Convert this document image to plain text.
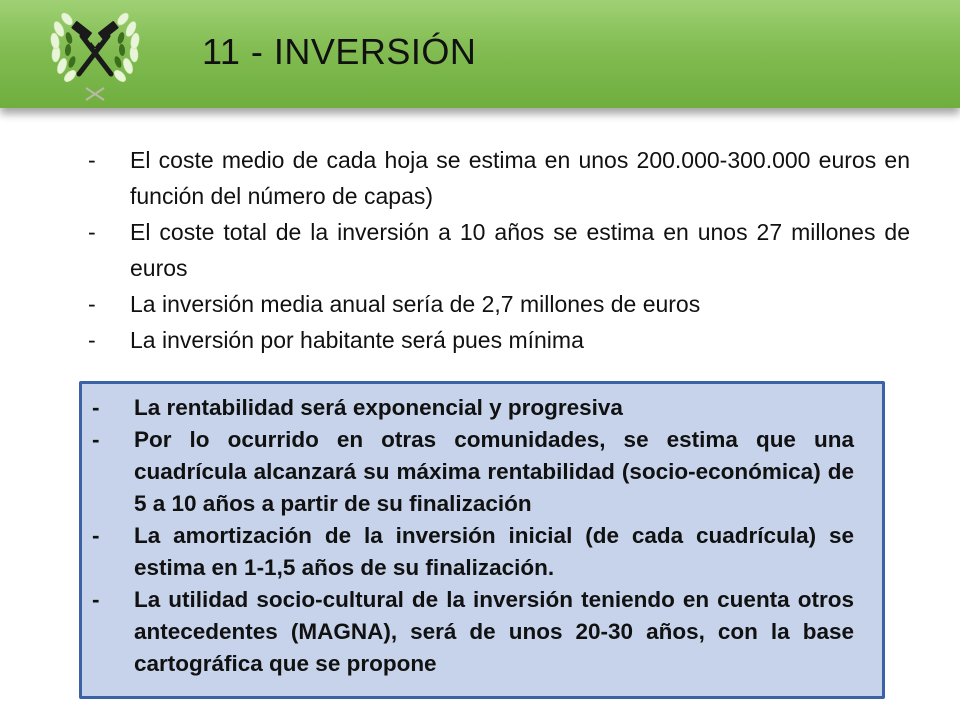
11 - INVERSIÓN
-	El coste medio de cada hoja se estima en unos 200.000-300.000 euros en función del número de capas)
-	El coste total de la inversión a 10 años se estima en unos 27 millones de euros
-	La inversión media anual sería de 2,7 millones de euros
-	La inversión por habitante será pues mínima
-	La rentabilidad será exponencial y progresiva
-	Por lo ocurrido en otras comunidades, se estima que una cuadrícula alcanzará su máxima rentabilidad (socio-económica) de 5 a 10 años a partir de su finalización
-	La amortización de la inversión inicial (de cada cuadrícula) se estima en 1-1,5 años de su finalización.
-	La utilidad socio-cultural de la inversión teniendo en cuenta otros antecedentes (MAGNA), será de unos 20-30 años, con la base cartográfica que se propone
